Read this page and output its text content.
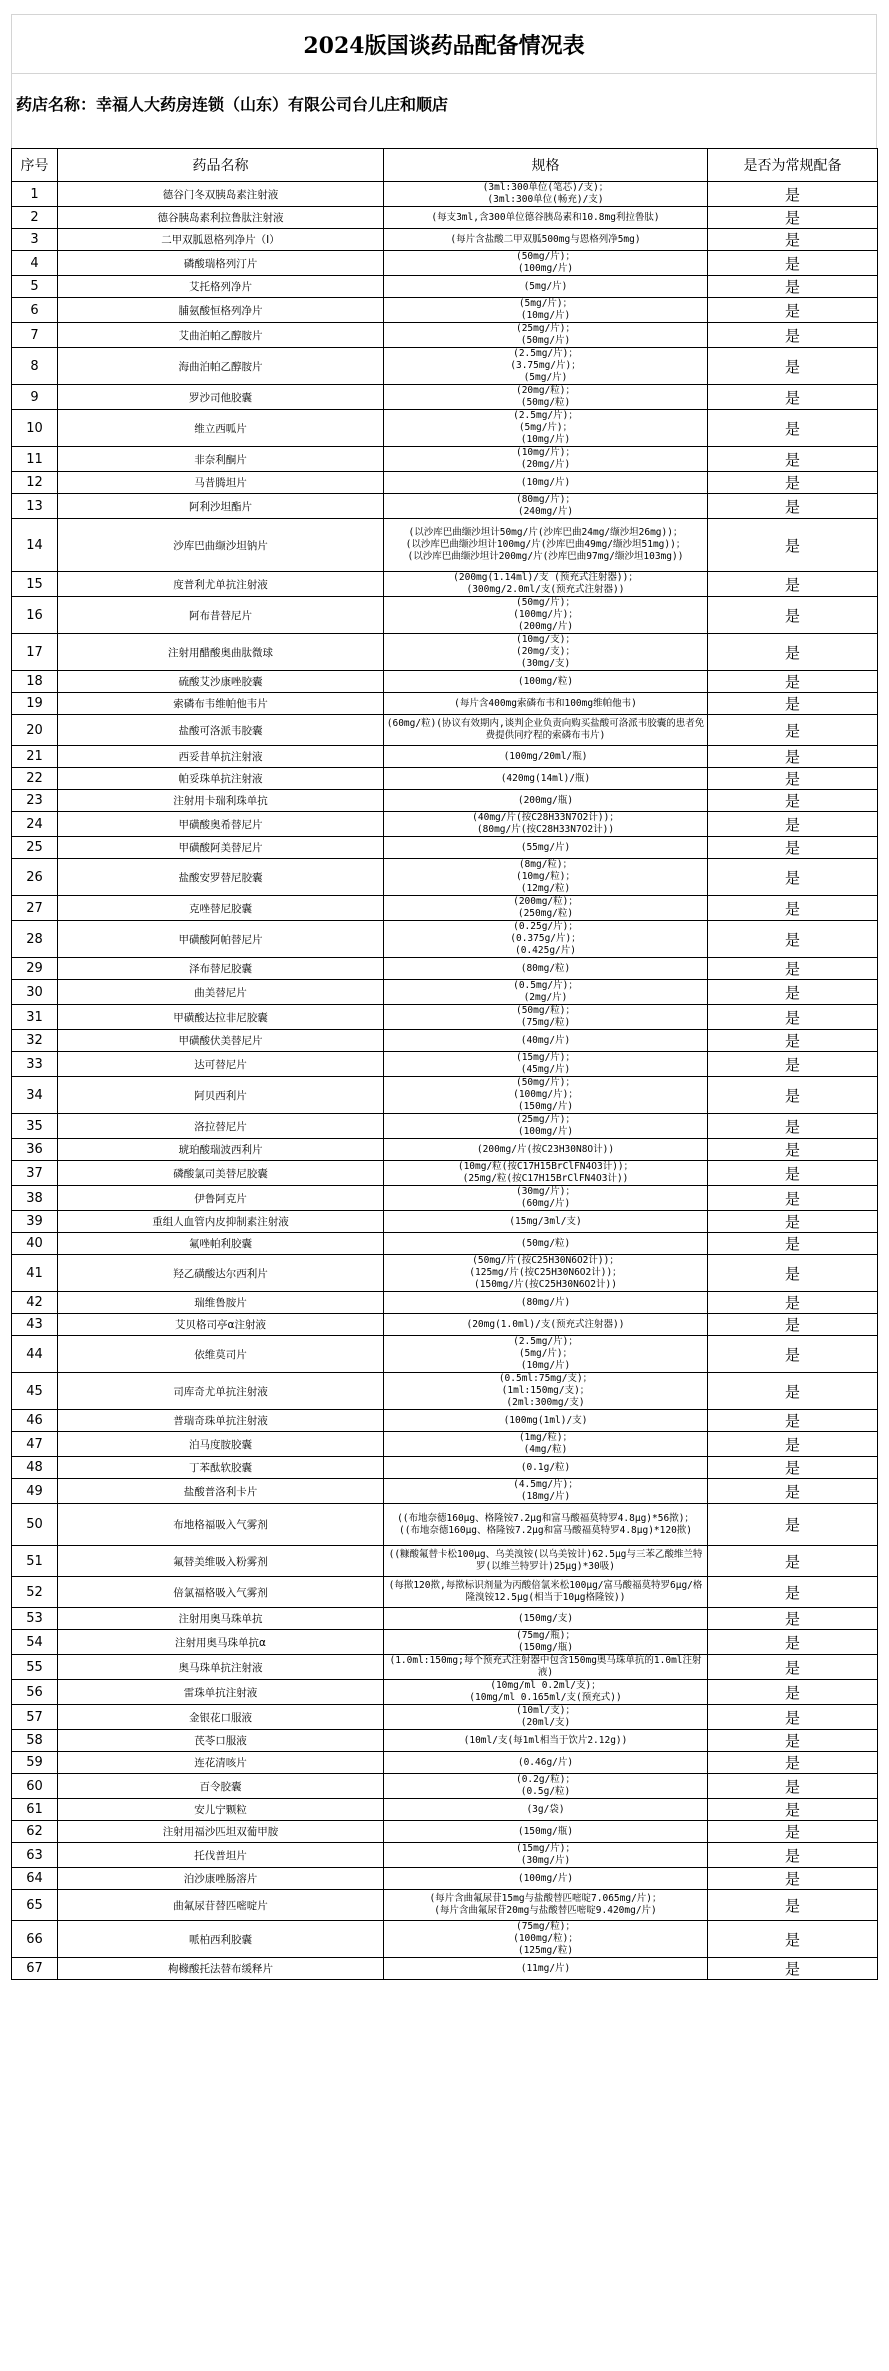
2024版国谈药品配备情况表
药店名称： 幸福人大药房连锁（山东）有限公司台儿庄和顺店
序号	药品名称	规格	是否为常规配备
1	德谷门冬双胰岛素注射液	(3ml:300单位(笔芯)/支)；
(3ml:300单位(畅充)/支)	是
2	德谷胰岛素利拉鲁肽注射液	(每支3ml,含300单位德谷胰岛素和10.8mg利拉鲁肽)	是
3	二甲双胍恩格列净片（Ⅰ）	(每片含盐酸二甲双胍500mg与恩格列净5mg)	是
4	磷酸瑞格列汀片	(50mg/片)；
(100mg/片)	是
5	艾托格列净片	(5mg/片)	是
6	脯氨酸恒格列净片	(5mg/片)；
(10mg/片)	是
7	艾曲泊帕乙醇胺片	(25mg/片)；
(50mg/片)	是
8	海曲泊帕乙醇胺片	(2.5mg/片)；
(3.75mg/片)；
(5mg/片)	是
9	罗沙司他胶囊	(20mg/粒)；
(50mg/粒)	是
10	维立西呱片	(2.5mg/片)；
(5mg/片)；
(10mg/片)	是
11	非奈利酮片	(10mg/片)；
(20mg/片)	是
12	马昔腾坦片	(10mg/片)	是
13	阿利沙坦酯片	(80mg/片)；
(240mg/片)	是
14	沙库巴曲缬沙坦钠片	(以沙库巴曲缬沙坦计50mg/片(沙库巴曲24mg/缬沙坦26mg))；
(以沙库巴曲缬沙坦计100mg/片(沙库巴曲49mg/缬沙坦51mg))；
(以沙库巴曲缬沙坦计200mg/片(沙库巴曲97mg/缬沙坦103mg))	是
15	度普利尤单抗注射液	(200mg(1.14ml)/支 (预充式注射器))；
(300mg/2.0ml/支(预充式注射器))	是
16	阿布昔替尼片	(50mg/片)；
(100mg/片)；
(200mg/片)	是
17	注射用醋酸奥曲肽微球	(10mg/支)；
(20mg/支)；
(30mg/支)	是
18	硫酸艾沙康唑胶囊	(100mg/粒)	是
19	索磷布韦维帕他韦片	(每片含400mg索磷布韦和100mg维帕他韦)	是
20	盐酸可洛派韦胶囊	(60mg/粒)(协议有效期内,谈判企业负责向购买盐酸可洛派韦胶囊的患者免费提供同疗程的索磷布韦片)	是
21	西妥昔单抗注射液	(100mg/20ml/瓶)	是
22	帕妥珠单抗注射液	(420mg(14ml)/瓶)	是
23	注射用卡瑞利珠单抗	(200mg/瓶)	是
24	甲磺酸奥希替尼片	(40mg/片(按C28H33N7O2计))；
(80mg/片(按C28H33N7O2计))	是
25	甲磺酸阿美替尼片	(55mg/片)	是
26	盐酸安罗替尼胶囊	(8mg/粒)；
(10mg/粒)；
(12mg/粒)	是
27	克唑替尼胶囊	(200mg/粒)；
(250mg/粒)	是
28	甲磺酸阿帕替尼片	(0.25g/片)；
(0.375g/片)；
(0.425g/片)	是
29	泽布替尼胶囊	(80mg/粒)	是
30	曲美替尼片	(0.5mg/片)；
(2mg/片)	是
31	甲磺酸达拉非尼胶囊	(50mg/粒)；
(75mg/粒)	是
32	甲磺酸伏美替尼片	(40mg/片)	是
33	达可替尼片	(15mg/片)；
(45mg/片)	是
34	阿贝西利片	(50mg/片)；
(100mg/片)；
(150mg/片)	是
35	洛拉替尼片	(25mg/片)；
(100mg/片)	是
36	琥珀酸瑞波西利片	(200mg/片(按C23H30N8O计))	是
37	磷酸氯司美替尼胶囊	(10mg/粒(按C17H15BrClFN4O3计))；
(25mg/粒(按C17H15BrClFN4O3计))	是
38	伊鲁阿克片	(30mg/片)；
(60mg/片)	是
39	重组人血管内皮抑制素注射液	(15mg/3ml/支)	是
40	氟唑帕利胶囊	(50mg/粒)	是
41	羟乙磺酸达尔西利片	(50mg/片(按C25H30N6O2计))；
(125mg/片(按C25H30N6O2计))；
(150mg/片(按C25H30N6O2计))	是
42	瑞维鲁胺片	(80mg/片)	是
43	艾贝格司亭α注射液	(20mg(1.0ml)/支(预充式注射器))	是
44	依维莫司片	(2.5mg/片)；
(5mg/片)；
(10mg/片)	是
45	司库奇尤单抗注射液	(0.5ml:75mg/支)；
(1ml:150mg/支)；
(2ml:300mg/支)	是
46	普瑞奇珠单抗注射液	(100mg(1ml)/支)	是
47	泊马度胺胶囊	(1mg/粒)；
(4mg/粒)	是
48	丁苯酞软胶囊	(0.1g/粒)	是
49	盐酸普洛利卡片	(4.5mg/片)；
(18mg/片)	是
50	布地格福吸入气雾剂	((布地奈德160μg、格隆铵7.2μg和富马酸福莫特罗4.8μg)*56揿)；
((布地奈德160μg、格隆铵7.2μg和富马酸福莫特罗4.8μg)*120揿)	是
51	氟替美维吸入粉雾剂	((糠酸氟替卡松100μg、乌美溴铵(以乌美铵计)62.5μg与三苯乙酸维兰特罗(以维兰特罗计)25μg)*30吸)	是
52	倍氯福格吸入气雾剂	(每揿120揿,每揿标识剂量为丙酸倍氯米松100μg/富马酸福莫特罗6μg/格隆溴铵12.5μg(相当于10μg格隆铵))	是
53	注射用奥马珠单抗	(150mg/支)	是
54	注射用奥马珠单抗α	(75mg/瓶)；
(150mg/瓶)	是
55	奥马珠单抗注射液	(1.0ml:150mg;每个预充式注射器中包含150mg奥马珠单抗的1.0ml注射液)	是
56	雷珠单抗注射液	(10mg/ml 0.2ml/支)；
(10mg/ml 0.165ml/支(预充式))	是
57	金银花口服液	(10ml/支)；
(20ml/支)	是
58	芪苓口服液	(10ml/支(每1ml相当于饮片2.12g))	是
59	连花清咳片	(0.46g/片)	是
60	百令胶囊	(0.2g/粒)；
(0.5g/粒)	是
61	安儿宁颗粒	(3g/袋)	是
62	注射用福沙匹坦双葡甲胺	(150mg/瓶)	是
63	托伐普坦片	(15mg/片)；
(30mg/片)	是
64	泊沙康唑肠溶片	(100mg/片)	是
65	曲氟尿苷替匹嘧啶片	(每片含曲氟尿苷15mg与盐酸替匹嘧啶7.065mg/片)；
(每片含曲氟尿苷20mg与盐酸替匹嘧啶9.420mg/片)	是
66	哌柏西利胶囊	(75mg/粒)；
(100mg/粒)；
(125mg/粒)	是
67	枸橼酸托法替布缓释片	(11mg/片)	是
